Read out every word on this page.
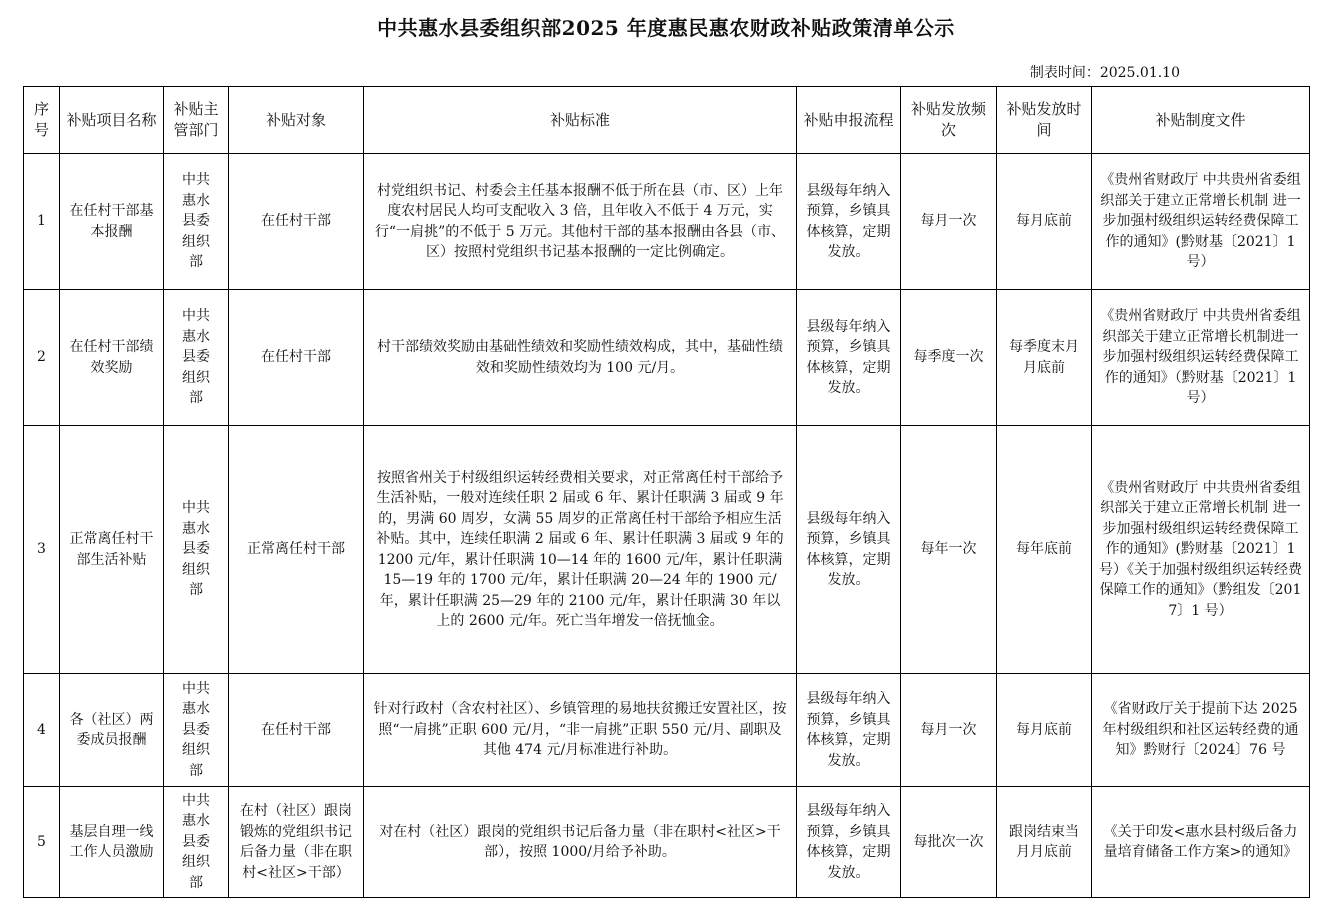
中共惠水县委组织部2025 年度惠民惠农财政补贴政策清单公示
制表时间：2025.01.10
序号	补贴项目名称	补贴主管部门	补贴对象	补贴标准	补贴申报流程	补贴发放频次	补贴发放时间	补贴制度文件
1	在任村干部基本报酬	中共惠水县委组织部	在任村干部	村党组织书记、村委会主任基本报酬不低于所在县（市、区）上年度农村居民人均可支配收入 3 倍，且年收入不低于 4 万元，实行“一肩挑”的不低于 5 万元。其他村干部的基本报酬由各县（市、区）按照村党组织书记基本报酬的一定比例确定。	县级每年纳入预算，乡镇具体核算，定期发放。	每月一次	每月底前	《贵州省财政厅 中共贵州省委组织部关于建立正常增长机制 进一步加强村级组织运转经费保障工作的通知》(黔财基〔2021〕1 号）
2	在任村干部绩效奖励	中共惠水县委组织部	在任村干部	村干部绩效奖励由基础性绩效和奖励性绩效构成，其中，基础性绩效和奖励性绩效均为 100 元/月。	县级每年纳入预算，乡镇具体核算，定期发放。	每季度一次	每季度末月月底前	《贵州省财政厅 中共贵州省委组织部关于建立正常增长机制进一步加强村级组织运转经费保障工作的通知》（黔财基〔2021〕1 号）
3	正常离任村干部生活补贴	中共惠水县委组织部	正常离任村干部	按照省州关于村级组织运转经费相关要求，对正常离任村干部给予生活补贴，一般对连续任职 2 届或 6 年、累计任职满 3 届或 9 年的，男满 60 周岁，女满 55 周岁的正常离任村干部给予相应生活补贴。其中，连续任职满 2 届或 6 年、累计任职满 3 届或 9 年的 1200 元/年，累计任职满 10—14 年的 1600 元/年，累计任职满 15—19 年的 1700 元/年，累计任职满 20—24 年的 1900 元/年，累计任职满 25—29 年的 2100 元/年，累计任职满 30 年以上的 2600 元/年。死亡当年增发一倍抚恤金。	县级每年纳入预算，乡镇具体核算，定期发放。	每年一次	每年底前	《贵州省财政厅 中共贵州省委组织部关于建立正常增长机制 进一步加强村级组织运转经费保障工作的通知》(黔财基〔2021〕1 号）《关于加强村级组织运转经费保障工作的通知》（黔组发〔2017〕1 号）
4	各（社区）两委成员报酬	中共惠水县委组织部	在任村干部	针对行政村（含农村社区）、乡镇管理的易地扶贫搬迁安置社区，按照“一肩挑”正职 600 元/月，“非一肩挑”正职 550 元/月、副职及其他 474 元/月标准进行补助。	县级每年纳入预算，乡镇具体核算，定期发放。	每月一次	每月底前	《省财政厅关于提前下达 2025 年村级组织和社区运转经费的通知》黔财行〔2024〕76 号
5	基层自理一线工作人员激励	中共惠水县委组织部	在村（社区）跟岗锻炼的党组织书记后备力量（非在职村<社区>干部）	对在村（社区）跟岗的党组织书记后备力量（非在职村<社区>干部），按照 1000/月给予补助。	县级每年纳入预算，乡镇具体核算，定期发放。	每批次一次	跟岗结束当月月底前	《关于印发<惠水县村级后备力量培育储备工作方案>的通知》
